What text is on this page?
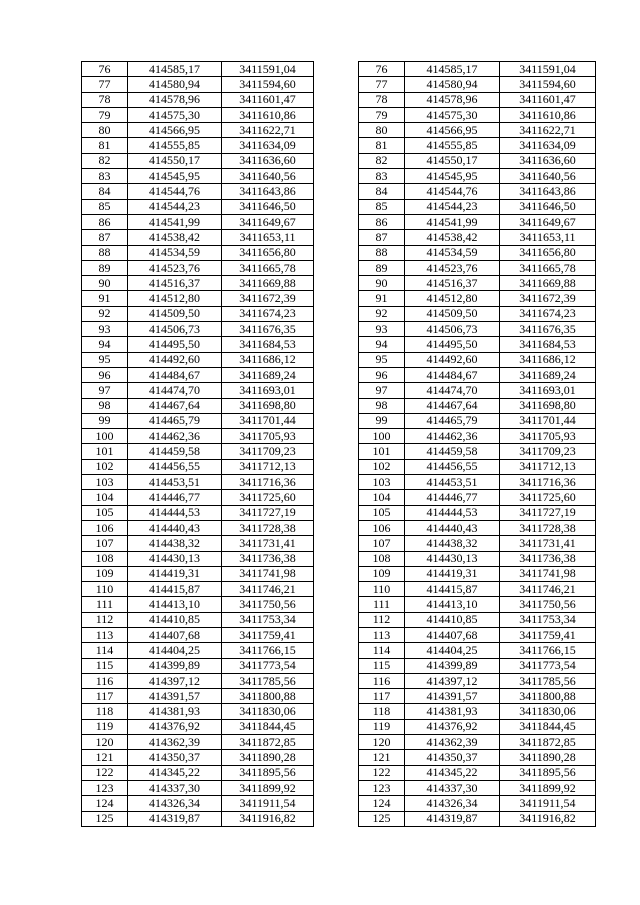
76	414585,17	3411591,04
77	414580,94	3411594,60
78	414578,96	3411601,47
79	414575,30	3411610,86
80	414566,95	3411622,71
81	414555,85	3411634,09
82	414550,17	3411636,60
83	414545,95	3411640,56
84	414544,76	3411643,86
85	414544,23	3411646,50
86	414541,99	3411649,67
87	414538,42	3411653,11
88	414534,59	3411656,80
89	414523,76	3411665,78
90	414516,37	3411669,88
91	414512,80	3411672,39
92	414509,50	3411674,23
93	414506,73	3411676,35
94	414495,50	3411684,53
95	414492,60	3411686,12
96	414484,67	3411689,24
97	414474,70	3411693,01
98	414467,64	3411698,80
99	414465,79	3411701,44
100	414462,36	3411705,93
101	414459,58	3411709,23
102	414456,55	3411712,13
103	414453,51	3411716,36
104	414446,77	3411725,60
105	414444,53	3411727,19
106	414440,43	3411728,38
107	414438,32	3411731,41
108	414430,13	3411736,38
109	414419,31	3411741,98
110	414415,87	3411746,21
111	414413,10	3411750,56
112	414410,85	3411753,34
113	414407,68	3411759,41
114	414404,25	3411766,15
115	414399,89	3411773,54
116	414397,12	3411785,56
117	414391,57	3411800,88
118	414381,93	3411830,06
119	414376,92	3411844,45
120	414362,39	3411872,85
121	414350,37	3411890,28
122	414345,22	3411895,56
123	414337,30	3411899,92
124	414326,34	3411911,54
125	414319,87	3411916,82
76	414585,17	3411591,04
77	414580,94	3411594,60
78	414578,96	3411601,47
79	414575,30	3411610,86
80	414566,95	3411622,71
81	414555,85	3411634,09
82	414550,17	3411636,60
83	414545,95	3411640,56
84	414544,76	3411643,86
85	414544,23	3411646,50
86	414541,99	3411649,67
87	414538,42	3411653,11
88	414534,59	3411656,80
89	414523,76	3411665,78
90	414516,37	3411669,88
91	414512,80	3411672,39
92	414509,50	3411674,23
93	414506,73	3411676,35
94	414495,50	3411684,53
95	414492,60	3411686,12
96	414484,67	3411689,24
97	414474,70	3411693,01
98	414467,64	3411698,80
99	414465,79	3411701,44
100	414462,36	3411705,93
101	414459,58	3411709,23
102	414456,55	3411712,13
103	414453,51	3411716,36
104	414446,77	3411725,60
105	414444,53	3411727,19
106	414440,43	3411728,38
107	414438,32	3411731,41
108	414430,13	3411736,38
109	414419,31	3411741,98
110	414415,87	3411746,21
111	414413,10	3411750,56
112	414410,85	3411753,34
113	414407,68	3411759,41
114	414404,25	3411766,15
115	414399,89	3411773,54
116	414397,12	3411785,56
117	414391,57	3411800,88
118	414381,93	3411830,06
119	414376,92	3411844,45
120	414362,39	3411872,85
121	414350,37	3411890,28
122	414345,22	3411895,56
123	414337,30	3411899,92
124	414326,34	3411911,54
125	414319,87	3411916,82
